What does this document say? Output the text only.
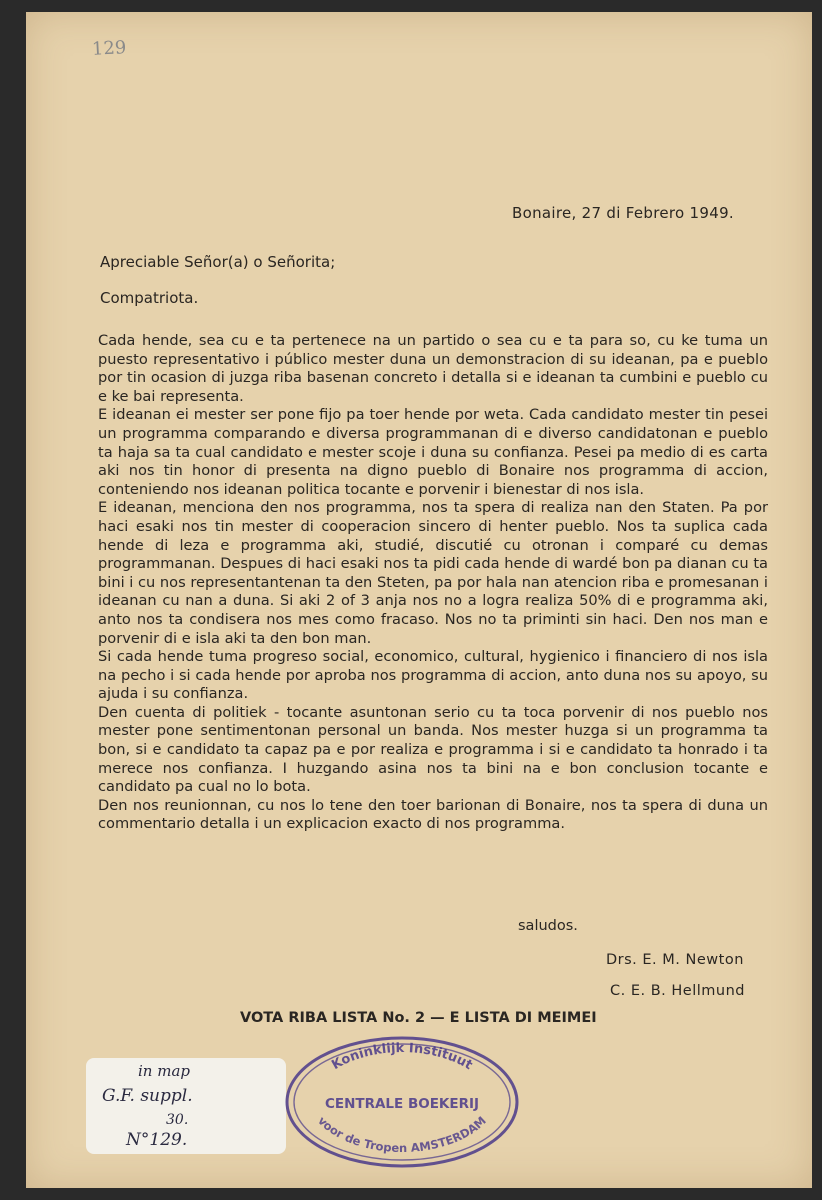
129
Bonaire, 27 di Febrero 1949.
Apreciable Señor(a) o Señorita;
Compatriota.

Cada hende, sea cu e ta pertenece na un partido o sea cu e ta para so, cu ke tuma un puesto representativo i público mester duna un demonstracion di su ideanan, pa e pueblo por tin ocasion di juzga riba basenan concreto i detalla si e ideanan ta cumbini e pueblo cu e ke bai representa.

E ideanan ei mester ser pone fijo pa toer hende por weta. Cada candidato mester tin pesei un programma comparando e diversa programmanan di e diverso candidatonan e pueblo ta haja sa ta cual candidato e mester scoje i duna su confianza. Pesei pa medio di es carta aki nos tin honor di presenta na digno pueblo di Bonaire nos programma di accion, conteniendo nos ideanan politica tocante e porvenir i bienestar di nos isla.

E ideanan, menciona den nos programma, nos ta spera di realiza nan den Staten. Pa por haci esaki nos tin mester di cooperacion sincero di henter pueblo. Nos ta suplica cada hende di leza e programma aki, studié, discutié cu otronan i comparé cu demas programmanan. Despues di haci esaki nos ta pidi cada hende di wardé bon pa dianan cu ta bini i cu nos representantenan ta den Steten, pa por hala nan atencion riba e promesanan i ideanan cu nan a duna. Si aki 2 of 3 anja nos no a logra realiza 50% di e programma aki, anto nos ta condisera nos mes como fracaso. Nos no ta priminti sin haci. Den nos man e porvenir di e isla aki ta den bon man.

Si cada hende tuma progreso social, economico, cultural, hygienico i financiero di nos isla na pecho i si cada hende por aproba nos programma di accion, anto duna nos su apoyo, su ajuda i su confianza.

Den cuenta di politiek - tocante asuntonan serio cu ta toca porvenir di nos pueblo nos mester pone sentimentonan personal un banda. Nos mester huzga si un programma ta bon, si e candidato ta capaz pa e por realiza e programma i si e candidato ta honrado i ta merece nos confianza. I huzgando asina nos ta bini na e bon conclusion tocante e candidato pa cual no lo bota.

Den nos reunionnan, cu nos lo tene den toer barionan di Bonaire, nos ta spera di duna un commentario detalla i un explicacion exacto di nos programma.

saludos.
Drs. E. M. Newton
C. E. B. Hellmund
VOTA RIBA LISTA No. 2 — E LISTA DI MEIMEI
in map
G.F. suppl.
30.
N°129.
Koninklijk Instituut
CENTRALE BOEKERIJ
voor de Tropen AMSTERDAM
